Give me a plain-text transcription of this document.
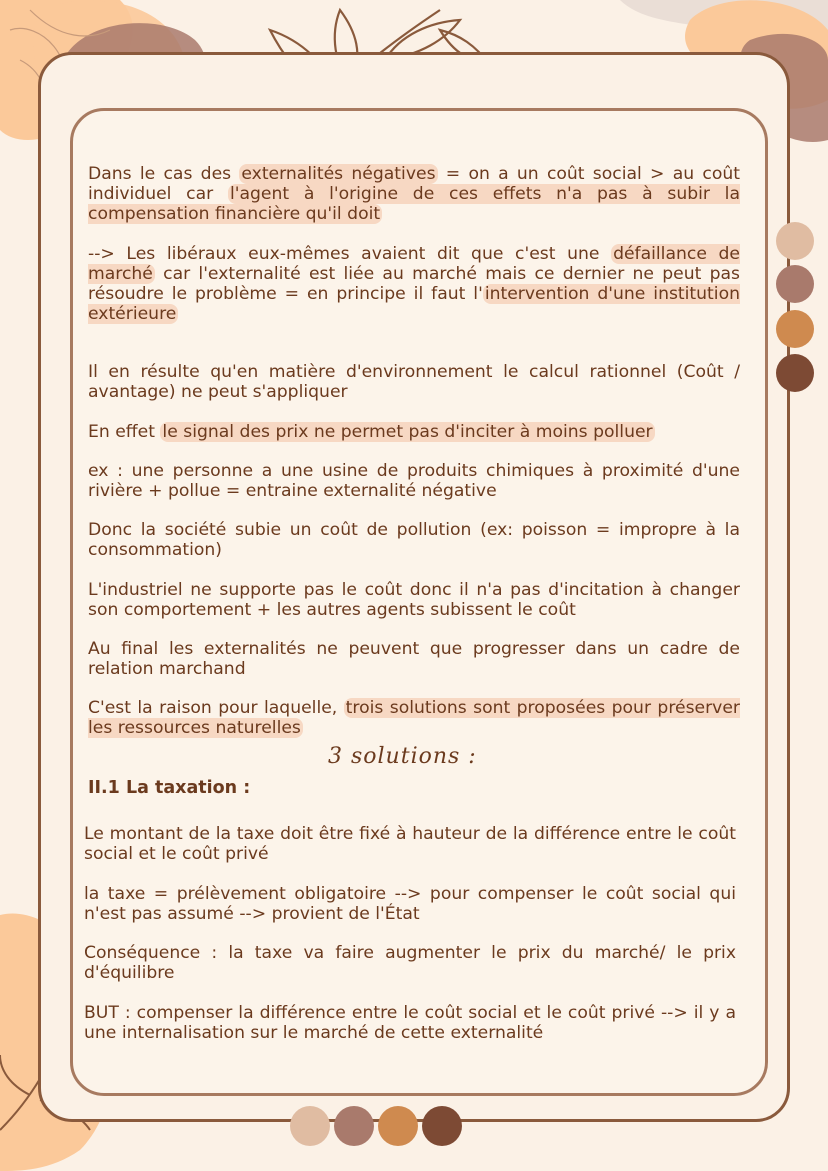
Dans le cas des externalités négatives = on a un coût social > au coût individuel car l'agent à l'origine de ces effets n'a pas à subir la compensation financière qu'il doit
--> Les libéraux eux-mêmes avaient dit que c'est une défaillance de marché car l'externalité est liée au marché mais ce dernier ne peut pas résoudre le problème = en principe il faut l' intervention d'une institution extérieure
Il en résulte qu'en matière d'environnement le calcul rationnel (Coût / avantage) ne peut s'appliquer
En effet le signal des prix ne permet pas d'inciter à moins polluer
ex : une personne a une usine de produits chimiques à proximité d'une rivière + pollue = entraine externalité négative
Donc la société subie un coût de pollution (ex: poisson = impropre à la consommation)
L'industriel ne supporte pas le coût donc il n'a pas d'incitation à changer son comportement + les autres agents subissent le coût
Au final les externalités ne peuvent que progresser dans un cadre de relation marchand
C'est la raison pour laquelle, trois solutions sont proposées pour préserver les ressources naturelles
3 solutions :
II.1 La taxation :
Le montant de la taxe doit être fixé à hauteur de la différence entre le coût social et le coût privé
la taxe = prélèvement obligatoire --> pour compenser le coût social qui n'est pas assumé --> provient de l'État
Conséquence : la taxe va faire augmenter le prix du marché/ le prix d'équilibre
BUT : compenser la différence entre le coût social et le coût privé --> il y a une internalisation sur le marché de cette externalité
